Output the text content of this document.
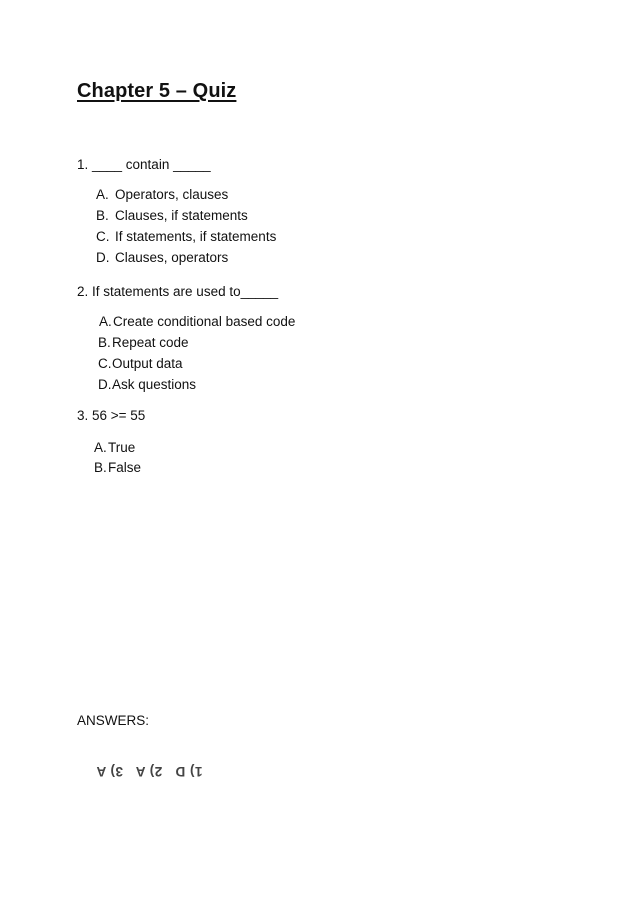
Chapter 5 – Quiz
1. ____ contain _____
A. Operators, clauses
B. Clauses, if statements
C. If statements, if statements
D. Clauses, operators
2. If statements are used to_____
A.Create conditional based code
B.Repeat code
C.Output data
D.Ask questions
3. 56 >= 55
A.True
B.False
ANSWERS:
1) D   2) A   3) A
